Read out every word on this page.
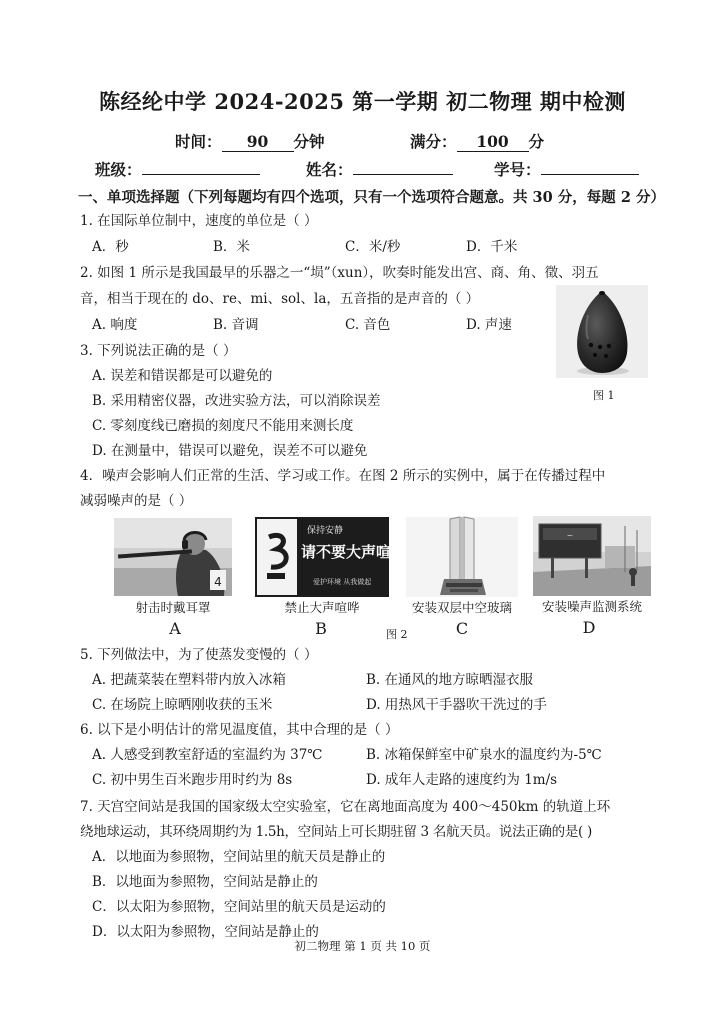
陈经纶中学 2024-2025 第一学期 初二物理 期中检测
时间： 90 分钟	满分： 100 分
班级：	姓名：	学号：
一、单项选择题（下列每题均有四个选项，只有一个选项符合题意。共 30 分，每题 2 分）
1. 在国际单位制中，速度的单位是（ ）
A．秒	B．米	C．米/秒	D．千米
2. 如图 1 所示是我国最早的乐器之一“埙”（xun），吹奏时能发出宫、商、角、徵、羽五
音，相当于现在的 do、re、mi、sol、la，五音指的是声音的（ ）
A. 响度	B. 音调	C. 音色	D. 声速
图 1
3. 下列说法正确的是（ ）
A. 误差和错误都是可以避免的
B. 采用精密仪器，改进实验方法，可以消除误差
C. 零刻度线已磨损的刻度尺不能用来测长度
D. 在测量中，错误可以避免，误差不可以避免
4．噪声会影响人们正常的生活、学习或工作。在图 2 所示的实例中，属于在传播过程中
减弱噪声的是（ ）
4
射击时戴耳罩
A
保持安静
请不要大声喧哗
爱护环境 从我做起
禁止大声喧哗
B
安装双层中空玻璃
C
~
安装噪声监测系统
D
图 2
5. 下列做法中，为了使蒸发变慢的（ ）
A. 把蔬菜装在塑料带内放入冰箱	B. 在通风的地方晾晒湿衣服
C. 在场院上晾晒刚收获的玉米	D. 用热风干手器吹干洗过的手
6. 以下是小明估计的常见温度值，其中合理的是（ ）
A. 人感受到教室舒适的室温约为 37℃	B. 冰箱保鲜室中矿泉水的温度约为-5℃
C. 初中男生百米跑步用时约为 8s	D. 成年人走路的速度约为 1m/s
7. 天宫空间站是我国的国家级太空实验室，它在离地面高度为 400～450km 的轨道上环
绕地球运动，其环绕周期约为 1.5h，空间站上可长期驻留 3 名航天员。说法正确的是( )
A．以地面为参照物，空间站里的航天员是静止的
B．以地面为参照物，空间站是静止的
C．以太阳为参照物，空间站里的航天员是运动的
D．以太阳为参照物，空间站是静止的
初二物理 第 1 页 共 10 页
